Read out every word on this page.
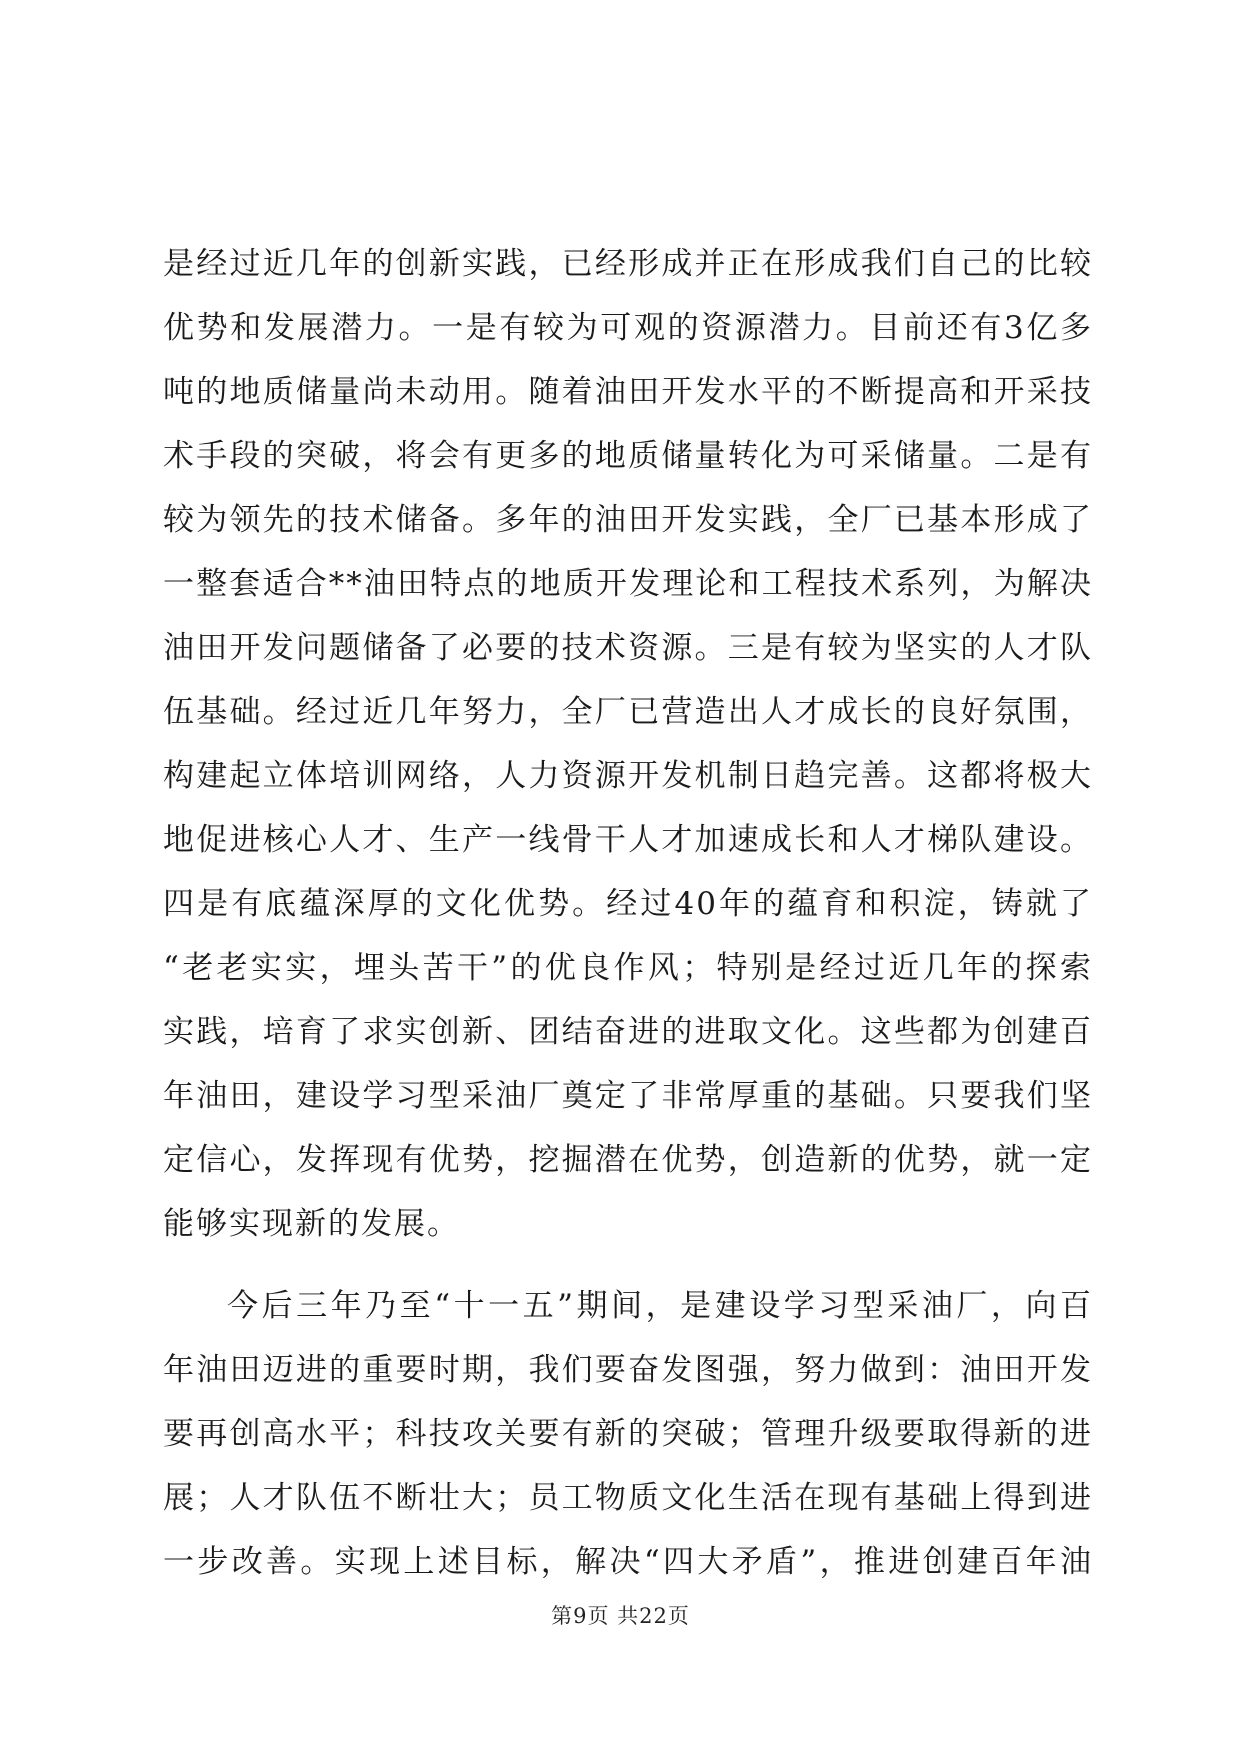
是经过近几年的创新实践，已经形成并正在形成我们自己的比较
优势和发展潜力。一是有较为可观的资源潜力。目前还有3亿多
吨的地质储量尚未动用。随着油田开发水平的不断提高和开采技
术手段的突破，将会有更多的地质储量转化为可采储量。二是有
较为领先的技术储备。多年的油田开发实践，全厂已基本形成了
一整套适合**油田特点的地质开发理论和工程技术系列，为解决
油田开发问题储备了必要的技术资源。三是有较为坚实的人才队
伍基础。经过近几年努力，全厂已营造出人才成长的良好氛围，
构建起立体培训网络，人力资源开发机制日趋完善。这都将极大
地促进核心人才、生产一线骨干人才加速成长和人才梯队建设。
四是有底蕴深厚的文化优势。经过40年的蕴育和积淀，铸就了
“老老实实，埋头苦干”的优良作风；特别是经过近几年的探索
实践，培育了求实创新、团结奋进的进取文化。这些都为创建百
年油田，建设学习型采油厂奠定了非常厚重的基础。只要我们坚
定信心，发挥现有优势，挖掘潜在优势，创造新的优势，就一定
能够实现新的发展。
今后三年乃至“十一五”期间，是建设学习型采油厂，向百
年油田迈进的重要时期，我们要奋发图强，努力做到：油田开发
要再创高水平；科技攻关要有新的突破；管理升级要取得新的进
展；人才队伍不断壮大；员工物质文化生活在现有基础上得到进
一步改善。实现上述目标，解决“四大矛盾”，推进创建百年油
第9页 共22页
